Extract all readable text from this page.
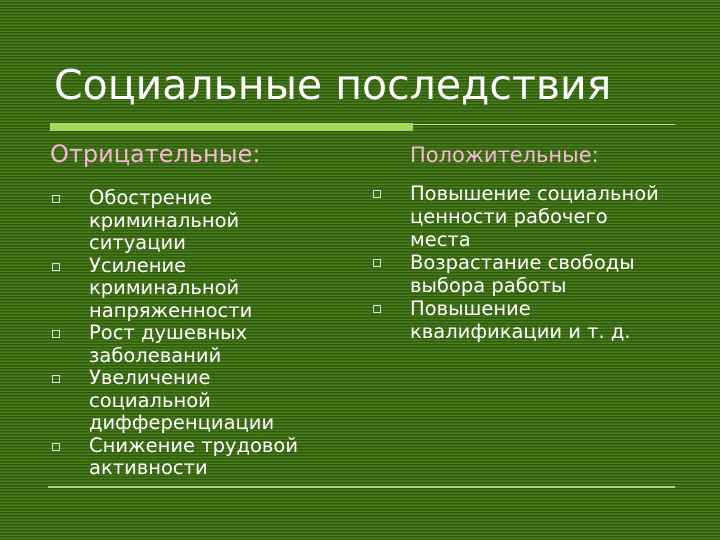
Социальные последствия
Отрицательные:	Положительные:
Обострение криминальной ситуации
Усиление криминальной напряженности
Рост душевных заболеваний
Увеличение социальной дифференциации
Снижение трудовой активности
Повышение социальной ценности рабочего места
Возрастание свободы выбора работы
Повышение квалификации и т. д.
